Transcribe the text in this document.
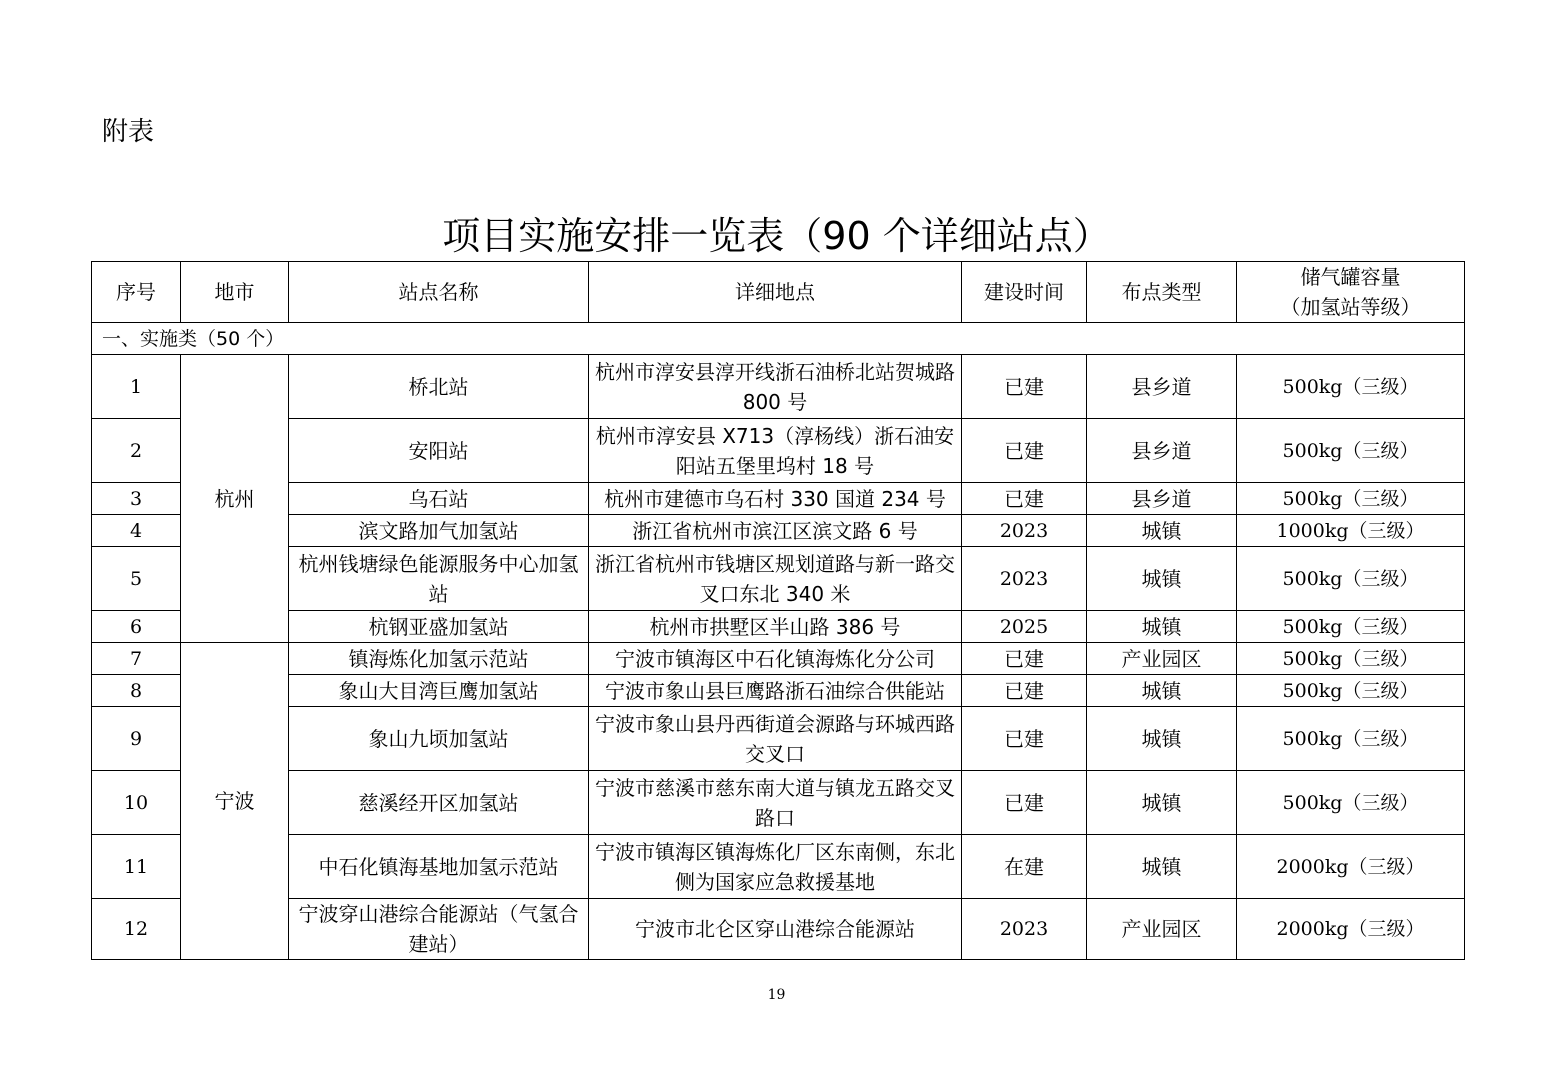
附表
项目实施安排一览表（90 个详细站点）
序号	地市	站点名称	详细地点	建设时间	布点类型	储气罐容量
（加氢站等级）

一、实施类（50 个）						
1	杭州	桥北站	杭州市淳安县淳开线浙石油桥北站贺城路 800 号	已建	县乡道	500kg（三级）
2		安阳站	杭州市淳安县 X713（淳杨线）浙石油安阳站五堡里坞村 18 号	已建	县乡道	500kg（三级）
3		乌石站	杭州市建德市乌石村 330 国道 234 号	已建	县乡道	500kg（三级）
4		滨文路加气加氢站	浙江省杭州市滨江区滨文路 6 号	2023	城镇	1000kg（三级）
5		杭州钱塘绿色能源服务中心加氢站	浙江省杭州市钱塘区规划道路与新一路交叉口东北 340 米	2023	城镇	500kg（三级）
6		杭钢亚盛加氢站	杭州市拱墅区半山路 386 号	2025	城镇	500kg（三级）
7	宁波	镇海炼化加氢示范站	宁波市镇海区中石化镇海炼化分公司	已建	产业园区	500kg（三级）
8		象山大目湾巨鹰加氢站	宁波市象山县巨鹰路浙石油综合供能站	已建	城镇	500kg（三级）
9		象山九顷加氢站	宁波市象山县丹西街道会源路与环城西路交叉口	已建	城镇	500kg（三级）
10		慈溪经开区加氢站	宁波市慈溪市慈东南大道与镇龙五路交叉路口	已建	城镇	500kg（三级）
11		中石化镇海基地加氢示范站	宁波市镇海区镇海炼化厂区东南侧，东北侧为国家应急救援基地	在建	城镇	2000kg（三级）
12		宁波穿山港综合能源站（气氢合建站）	宁波市北仑区穿山港综合能源站	2023	产业园区	2000kg（三级）
19
